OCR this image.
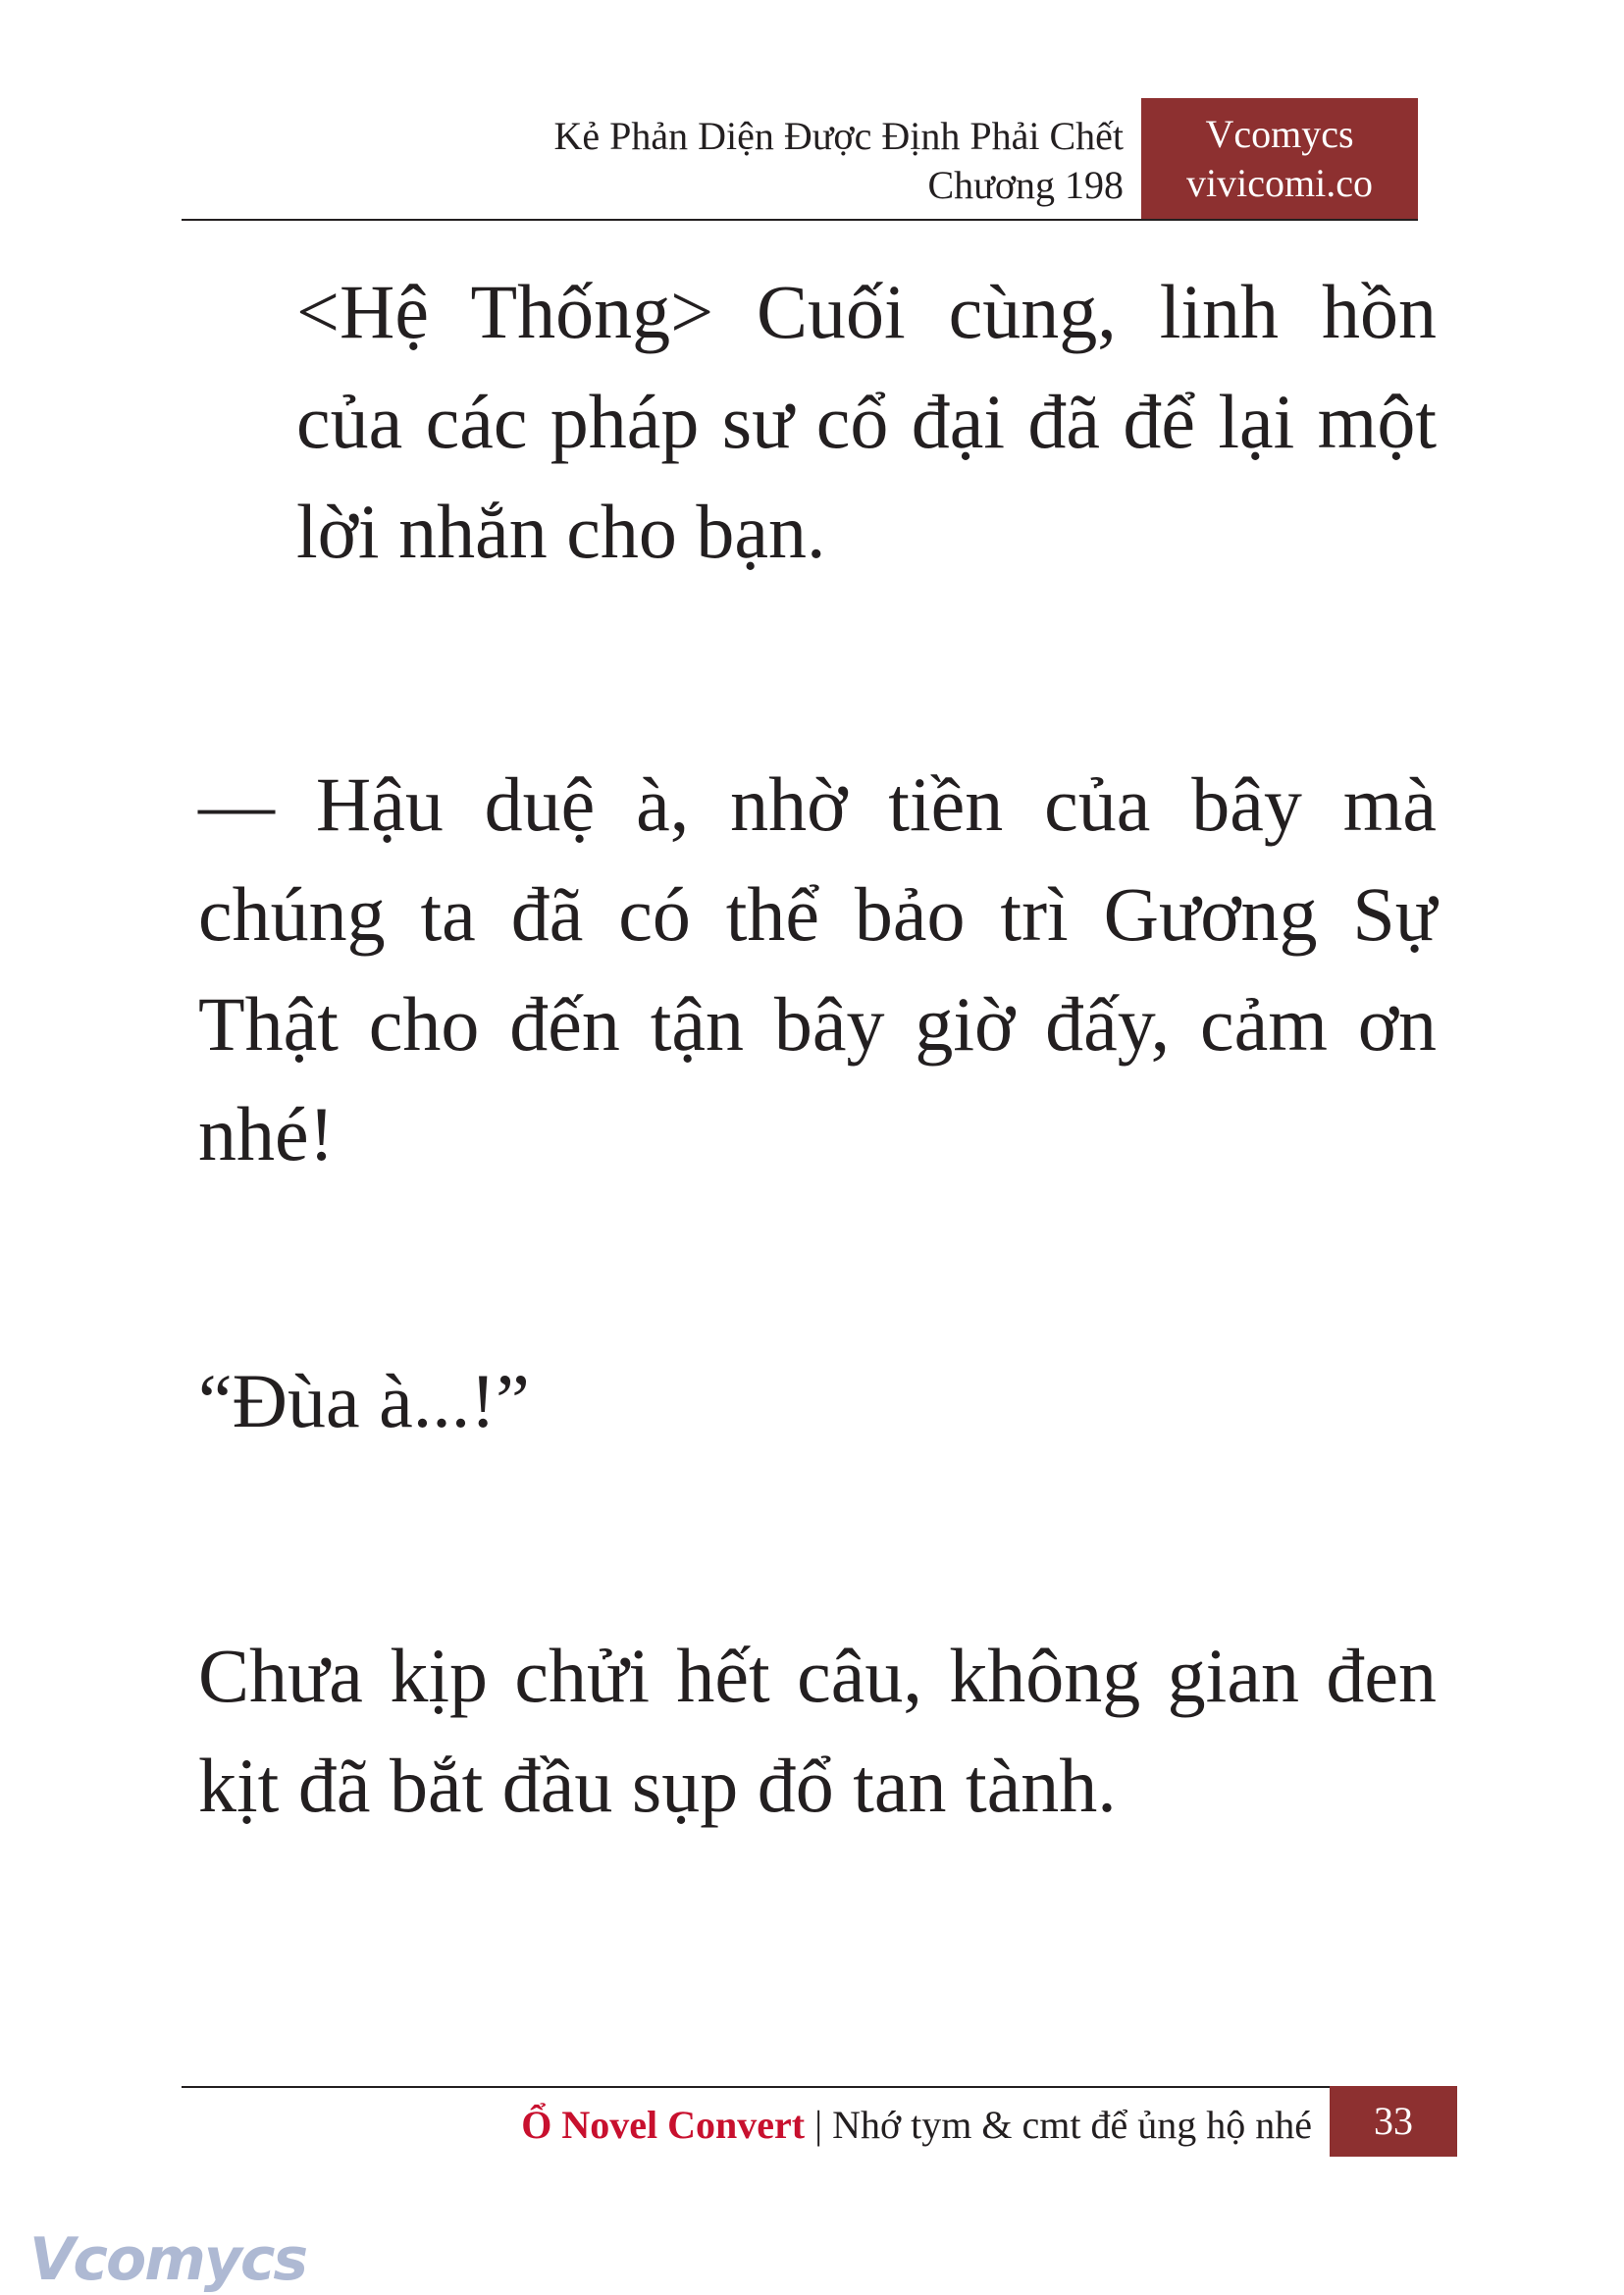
Kẻ Phản Diện Được Định Phải Chết
Chương 198
Vcomycs
vivicomi.co

<Hệ Thống> Cuối cùng, linh hồn của các pháp sư cổ đại đã để lại một lời nhắn cho bạn.

— Hậu duệ à, nhờ tiền của bây mà chúng ta đã có thể bảo trì Gương Sự Thật cho đến tận bây giờ đấy, cảm ơn nhé!

“Đùa à...!”

Chưa kịp chửi hết câu, không gian đen kịt đã bắt đầu sụp đổ tan tành.

Ổ Novel Convert | Nhớ tym & cmt để ủng hộ nhé	33
Vcomycs
